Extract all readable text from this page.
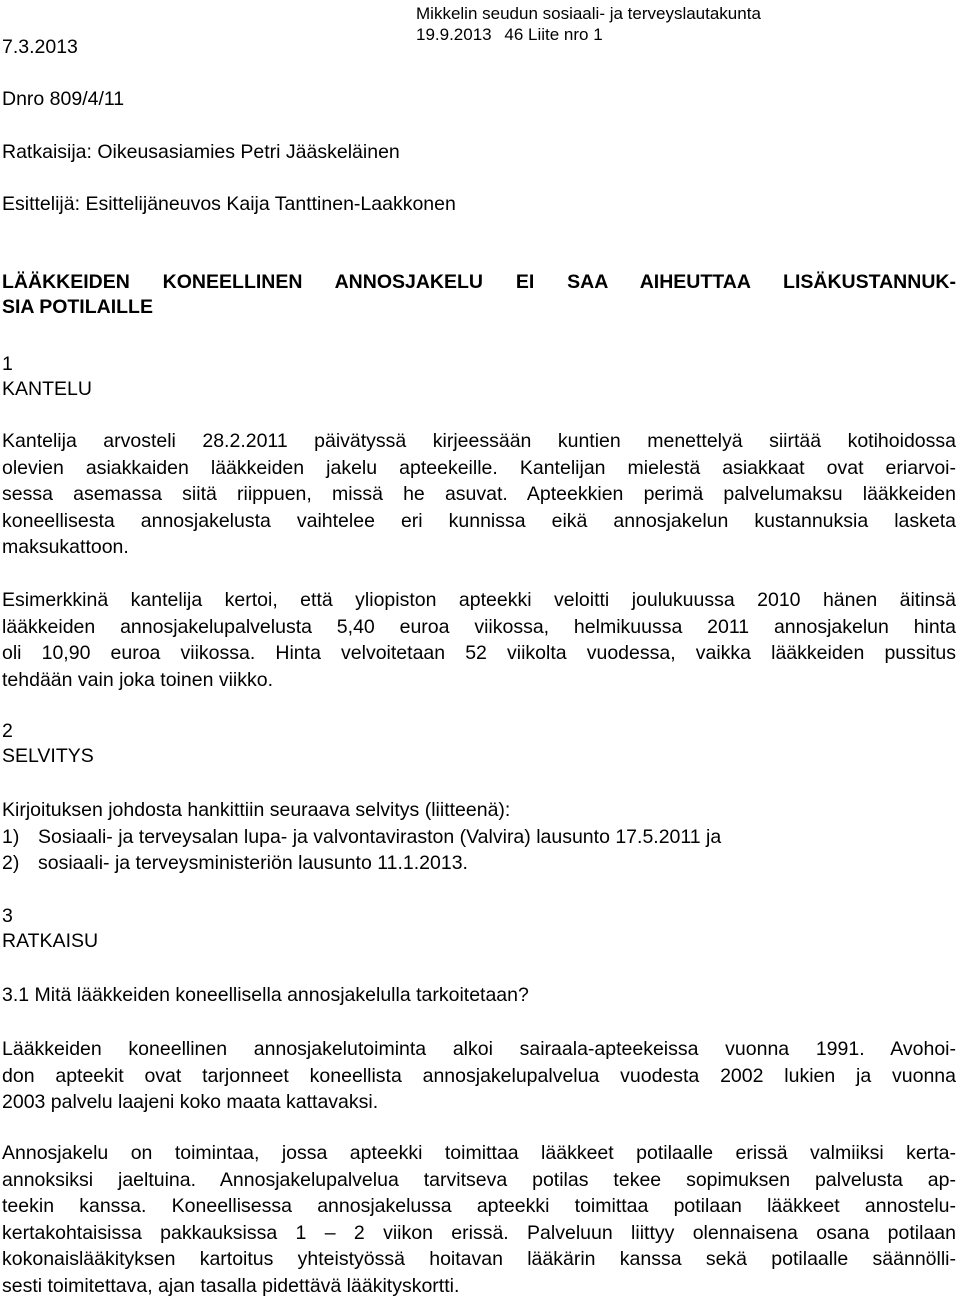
7.3.2013
Mikkelin seudun sosiaali- ja terveyslautakunta
19.9.2013 46 Liite nro 1
Dnro 809/4/11
Ratkaisija: Oikeusasiamies Petri Jääskeläinen
Esittelijä: Esittelijäneuvos Kaija Tanttinen-Laakkonen
LÄÄKKEIDEN KONEELLINEN ANNOSJAKELU EI SAA AIHEUTTAA LISÄKUSTANNUK-
SIA POTILAILLE
1
KANTELU
Kantelija arvosteli 28.2.2011 päivätyssä kirjeessään kuntien menettelyä siirtää kotihoidossa
olevien asiakkaiden lääkkeiden jakelu apteekeille. Kantelijan mielestä asiakkaat ovat eriarvoi-
sessa asemassa siitä riippuen, missä he asuvat. Apteekkien perimä palvelumaksu lääkkeiden
koneellisesta annosjakelusta vaihtelee eri kunnissa eikä annosjakelun kustannuksia lasketa
maksukattoon.
Esimerkkinä kantelija kertoi, että yliopiston apteekki veloitti joulukuussa 2010 hänen äitinsä
lääkkeiden annosjakelupalvelusta 5,40 euroa viikossa, helmikuussa 2011 annosjakelun hinta
oli 10,90 euroa viikossa. Hinta velvoitetaan 52 viikolta vuodessa, vaikka lääkkeiden pussitus
tehdään vain joka toinen viikko.
2
SELVITYS
Kirjoituksen johdosta hankittiin seuraava selvitys (liitteenä):
1) Sosiaali- ja terveysalan lupa- ja valvontaviraston (Valvira) lausunto 17.5.2011 ja
2) sosiaali- ja terveysministeriön lausunto 11.1.2013.
3
RATKAISU
3.1 Mitä lääkkeiden koneellisella annosjakelulla tarkoitetaan?
Lääkkeiden koneellinen annosjakelutoiminta alkoi sairaala-apteekeissa vuonna 1991. Avohoi-
don apteekit ovat tarjonneet koneellista annosjakelupalvelua vuodesta 2002 lukien ja vuonna
2003 palvelu laajeni koko maata kattavaksi.
Annosjakelu on toimintaa, jossa apteekki toimittaa lääkkeet potilaalle erissä valmiiksi kerta-
annoksiksi jaeltuina. Annosjakelupalvelua tarvitseva potilas tekee sopimuksen palvelusta ap-
teekin kanssa. Koneellisessa annosjakelussa apteekki toimittaa potilaan lääkkeet annostelu-
kertakohtaisissa pakkauksissa 1 – 2 viikon erissä. Palveluun liittyy olennaisena osana potilaan
kokonaislääkityksen kartoitus yhteistyössä hoitavan lääkärin kanssa sekä potilaalle säännölli-
sesti toimitettava, ajan tasalla pidettävä lääkityskortti.
